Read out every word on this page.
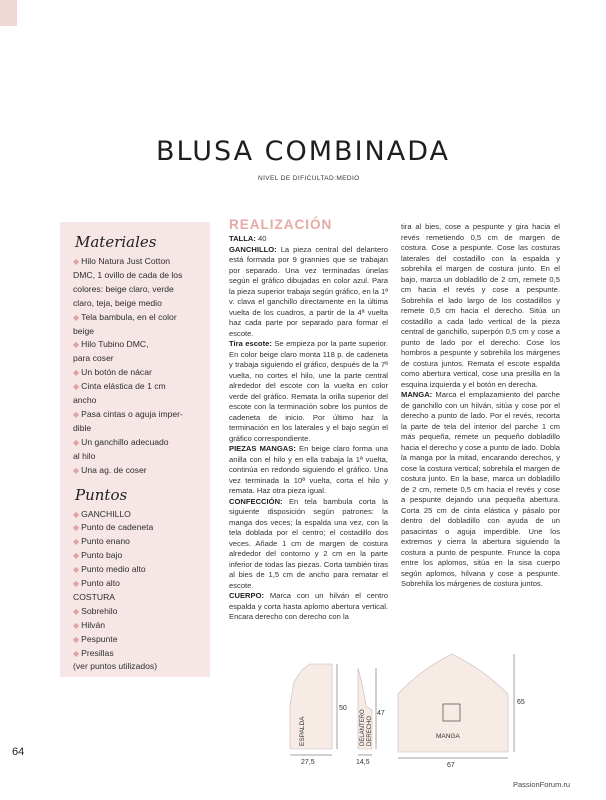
BLUSA COMBINADA
NIVEL DE DIFICULTAD:MEDIO
Materiales
◆ Hilo Natura Just Cotton
DMC, 1 ovillo de cada de los
colores: beige claro, verde
claro, teja, beige medio
◆ Tela bambula, en el color
beige
◆ Hilo Tubino DMC,
para coser
◆ Un botón de nácar
◆ Cinta elástica de 1 cm
ancho
◆ Pasa cintas o aguja imper-
dible
◆ Un ganchillo adecuado
al hilo
◆ Una ag. de coser
Puntos
◆ GANCHILLO
◆ Punto de cadeneta
◆ Punto enano
◆ Punto bajo
◆ Punto medio alto
◆ Punto alto
COSTURA
◆ Sobrehilo
◆ Hilván
◆ Pespunte
◆ Presillas
(ver puntos utilizados)
REALIZACIÓN
TALLA: 40
GANCHILLO: La pieza central del delantero está formada por 9 grannies que se trabajan por separado. Una vez terminadas únelas según el gráfico dibujadas en color azul. Para la pieza superior trabaja según gráfico, en la 1ª v. clava el ganchillo directamente en la última vuelta de los cuadros, a partir de la 4ª vuelta haz cada parte por separado para formar el escote.
Tira escote: Se empieza por la parte superior. En color beige claro monta 118 p. de cadeneta y trabaja siguiendo el gráfico, después de la 7ª vuelta, no cortes el hilo, une la parte central alrededor del escote con la vuelta en color verde del gráfico. Remata la orilla superior del escote con la terminación sobre los puntos de cadeneta de inicio. Por último haz la terminación en los laterales y el bajo según el gráfico correspondiente.
PIEZAS MANGAS: En beige claro forma una anilla con el hilo y en ella trabaja la 1ª vuelta, continúa en redondo siguiendo el gráfico. Una vez terminada la 10ª vuelta, corta el hilo y remata. Haz otra pieza igual.
CONFECCIÓN: En tela bambula corta la siguiente disposición según patrones: la manga dos veces; la espalda una vez, con la tela doblada por el centro; el costadillo dos veces. Añade 1 cm de margen de costura alrededor del contorno y 2 cm en la parte inferior de todas las piezas. Corta también tiras al bies de 1,5 cm de ancho para rematar el escote.
CUERPO: Marca con un hilván el centro espalda y corta hasta aplomo abertura vertical. Encara derecho con derecho con la
tira al bies, cose a pespunte y gira hacia el revés remetiendo 0,5 cm de margen de costura. Cose a pespunte. Cose las costuras laterales del costadillo con la espalda y sobrehila el margen de costura junto. En el bajo, marca un dobladillo de 2 cm, remete 0,5 cm hacia el revés y cose a pespunte. Sobrehila el lado largo de los costadillos y remete 0,5 cm hacia el derecho. Sitúa un costadillo a cada lado vertical de la pieza central de ganchillo, superpón 0,5 cm y cose a punto de lado por el derecho. Cose los hombros a pespunte y sobrehila los márgenes de costura juntos. Remata el escote espalda como abertura vertical, cose una presilla en la esquina izquierda y el botón en derecha.
MANGA: Marca el emplazamiento del parche de ganchillo con un hilván, sitúa y cose por el derecho a punto de lado. Por el revés, recorta la parte de tela del interior del parche 1 cm más pequeña, remete un pequeño dobladillo hacia el derecho y cose a punto de lado. Dobla la manga por la mitad, encarando derechos, y cose la costura vertical; sobrehila el margen de costura junto. En la base, marca un dobladillo de 2 cm, remete 0,5 cm hacia el revés y cose a pespunte dejando una pequeña abertura. Corta 25 cm de cinta elástica y pásalo por dentro del dobladillo con ayuda de un pasacintas o aguja imperdible. Une los extremos y cierra la abertura siguiendo la costura a punto de pespunte. Frunce la copa entre los aplomos, sitúa en la sisa cuerpo según aplomos, hilvana y cose a pespunte. Sobrehila los márgenes de costura juntos.
ESPALDA
50
27,5
DELANTERO DERECHO
47
14,5
MANGA
65
67
64
PassionForum.ru
